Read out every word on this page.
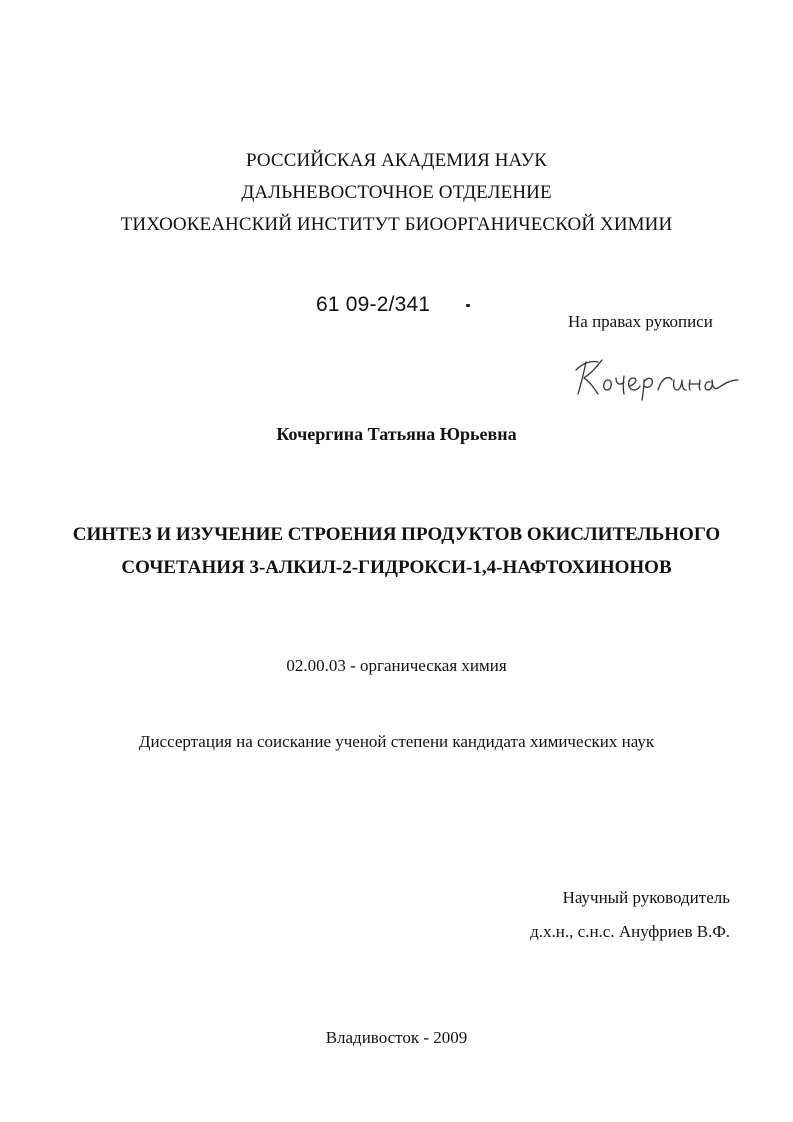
РОССИЙСКАЯ АКАДЕМИЯ НАУК
ДАЛЬНЕВОСТОЧНОЕ ОТДЕЛЕНИЕ
ТИХООКЕАНСКИЙ ИНСТИТУТ БИООРГАНИЧЕСКОЙ ХИМИИ
61 09-2/341
На правах рукописи
Кочергина Татьяна Юрьевна
СИНТЕЗ И ИЗУЧЕНИЕ СТРОЕНИЯ ПРОДУКТОВ ОКИСЛИТЕЛЬНОГО
СОЧЕТАНИЯ 3-АЛКИЛ-2-ГИДРОКСИ-1,4-НАФТОХИНОНОВ
02.00.03 - органическая химия
Диссертация на соискание ученой степени кандидата химических наук
Научный руководитель
д.х.н., с.н.с. Ануфриев В.Ф.
Владивосток - 2009
